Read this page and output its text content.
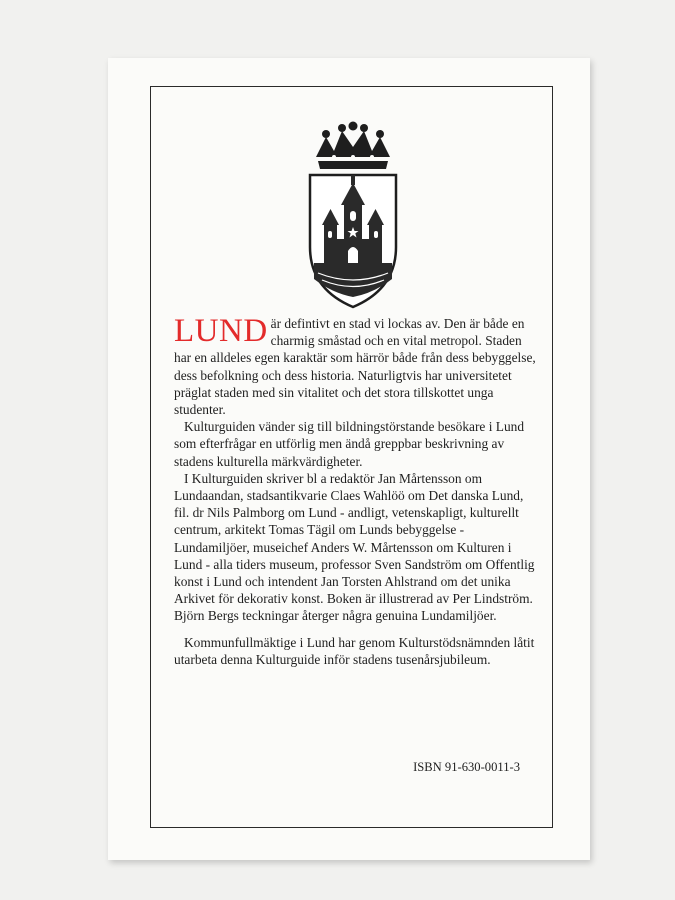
LUND är defintivt en stad vi lockas av. Den är både en charmig småstad och en vital metropol. Staden har en alldeles egen karaktär som härrör både från dess bebyggelse, dess befolkning och dess historia. Naturligtvis har universitetet präglat staden med sin vitalitet och det stora tillskottet unga studenter.

Kulturguiden vänder sig till bildningstörstande besökare i Lund som efterfrågar en utförlig men ändå greppbar beskrivning av stadens kulturella märkvärdigheter.

I Kulturguiden skriver bl a redaktör Jan Mårtensson om Lundaandan, stadsantikvarie Claes Wahlöö om Det danska Lund, fil. dr Nils Palmborg om Lund - andligt, vetenskapligt, kulturellt centrum, arkitekt Tomas Tägil om Lunds bebyggelse - Lundamiljöer, museichef Anders W. Mårtensson om Kulturen i Lund - alla tiders museum, professor Sven Sandström om Offentlig konst i Lund och intendent Jan Torsten Ahlstrand om det unika Arkivet för dekorativ konst. Boken är illustrerad av Per Lindström. Björn Bergs teckningar återger några genuina Lundamiljöer.

Kommunfullmäktige i Lund har genom Kulturstödsnämnden låtit utarbeta denna Kulturguide inför stadens tusenårsjubileum.

ISBN 91-630-0011-3
